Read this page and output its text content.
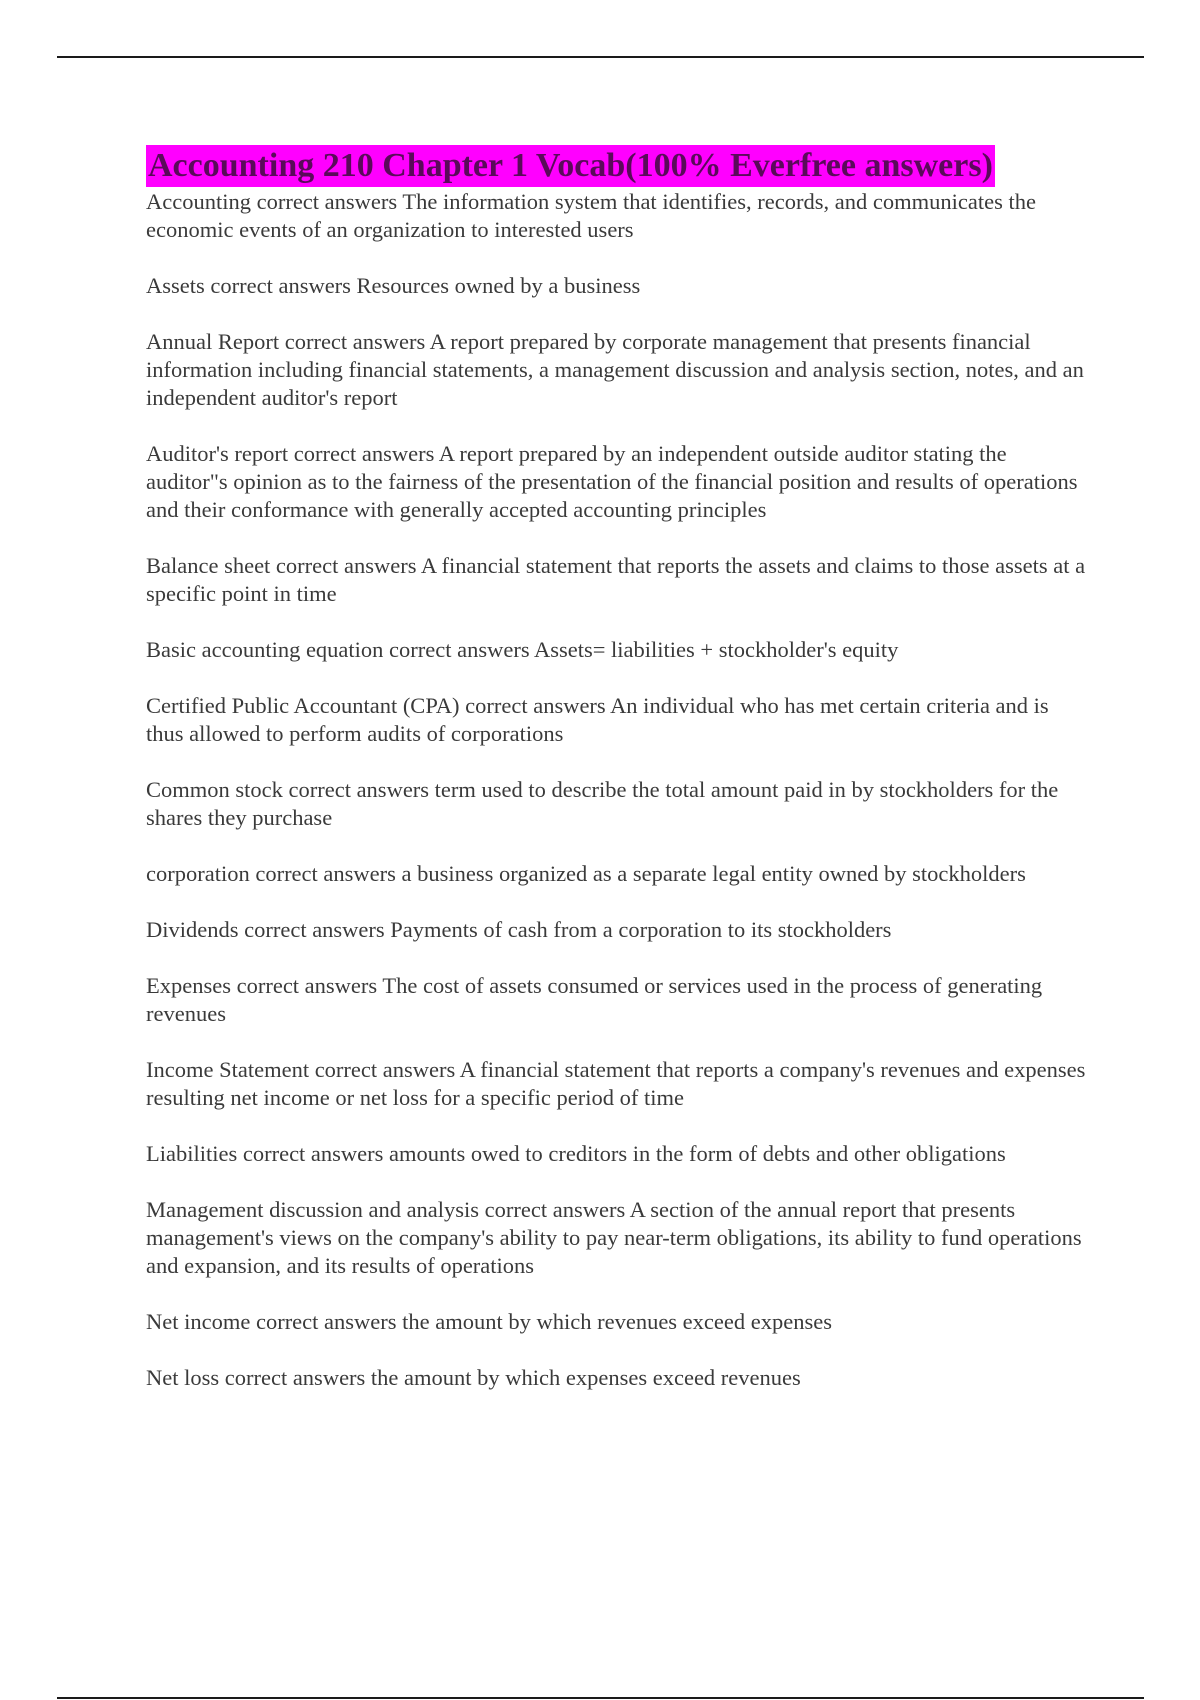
Accounting 210 Chapter 1 Vocab(100% Everfree answers)
Accounting correct answers The information system that identifies, records, and communicates the economic events of an organization to interested users
Assets correct answers Resources owned by a business
Annual Report correct answers A report prepared by corporate management that presents financial information including financial statements, a management discussion and analysis section, notes, and an independent auditor's report
Auditor's report correct answers A report prepared by an independent outside auditor stating the auditor"s opinion as to the fairness of the presentation of the financial position and results of operations and their conformance with generally accepted accounting principles
Balance sheet correct answers A financial statement that reports the assets and claims to those assets at a specific point in time
Basic accounting equation correct answers Assets= liabilities + stockholder's equity
Certified Public Accountant (CPA) correct answers An individual who has met certain criteria and is thus allowed to perform audits of corporations
Common stock correct answers term used to describe the total amount paid in by stockholders for the shares they purchase
corporation correct answers a business organized as a separate legal entity owned by stockholders
Dividends correct answers Payments of cash from a corporation to its stockholders
Expenses correct answers The cost of assets consumed or services used in the process of generating revenues
Income Statement correct answers A financial statement that reports a company's revenues and expenses resulting net income or net loss for a specific period of time
Liabilities correct answers amounts owed to creditors in the form of debts and other obligations
Management discussion and analysis correct answers A section of the annual report that presents management's views on the company's ability to pay near-term obligations, its ability to fund operations and expansion, and its results of operations
Net income correct answers the amount by which revenues exceed expenses
Net loss correct answers the amount by which expenses exceed revenues
